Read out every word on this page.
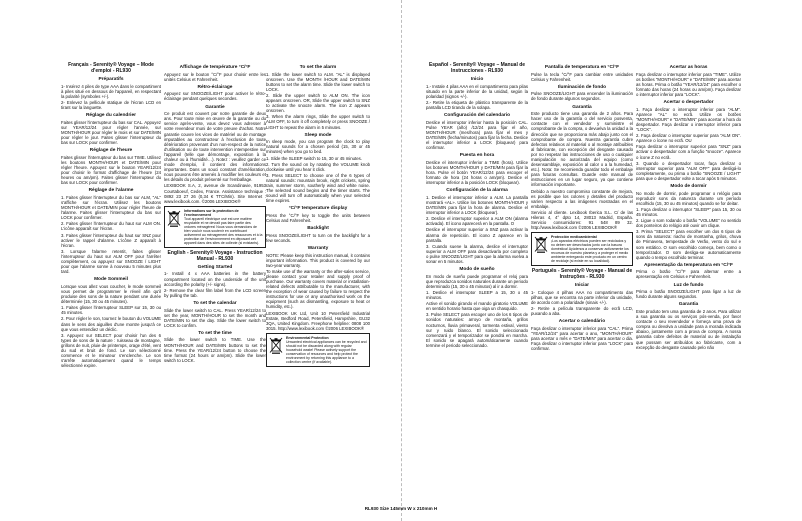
Français - Serenity® Voyage – Mode d'emploi - RL930
Préparatifs

1- Insérez 4 piles de type AAA dans le compartiment à piles situé en dessous de l'appareil, en respectant la polarité (symboles +/-).

2- Enlevez la pellicule statique de l'écran LCD en tirant sur la languette.

Réglage du calendrier

Faites glisser l'interrupteur du bas sur CAL. Appuyez sur YEAR/12/24 pour régler l'année, sur MONTH/HOUR pour régler le mois et sur DATE/MIN pour régler le jour. Faites glisser l'interrupteur du bas sur LOCK pour confirmer.

Réglage de l'heure

Faites glisser l'interrupteur du bas sur TIME. Utilisez les boutons MONTH/HOUR et DATE/MIN pour régler l'heure. Appuyez sur le bouton YEAR/12/24 pour choisir le format d'affichage de l'heure (24 heures ou am/pm). Faites glisser l'interrupteur du bas sur LOCK pour confirmer.

Réglage de l'alarme

1. Faites glisser l'interrupteur du bas sur ALM, "AL" s'affiche sur l'écran. Utilisez les boutons MONTH/HOUR et DATE/MIN pour régler l'heure de l'alarme. Faites glisser l'interrupteur du bas sur LOCK pour confirmer.

2. Faites glisser l'interrupteur du haut sur ALM ON. L'icône apparaît sur l'écran.

3. Faites glisser l'interrupteur du haut sur SNZ pour activer le rappel d'alarme. L'icône Z apparaît à l'écran.

3. Lorsque l'alarme retentit, faites glisser l'interrupteur du haut sur ALM OFF pour l'arrêter complètement, ou appuyez sur SNOOZE / LIGHT pour que l'alarme sonne à nouveau 5 minutes plus tard.

Mode Sommeil

Lorsque vous allez vous coucher, le mode sommeil vous permet de programmer le réveil afin qu'il produise des sons de la nature pendant une durée déterminée (15, 30 ou 45 minutes).

1. Faites glisser l'interrupteur SLEEP sur 15, 30 ou 45 minutes.

2. Pour régler le son, tournez le bouton du VOLUME dans le sens des aiguilles d'une montre jusqu'à ce que vous entendiez un déclic.

3. Appuyez sur SELECT pour choisir l'un des 6 types de sons de la nature : ruisseau de montagne, grillons de nuit, pluie de printemps, orage d'été, vent du sud et bruit de fond. Le son sélectionné commence et le minuteur s'enclenche. Le son s'arrête automatiquement quand le temps sélectionné expire.

Affichage de température °C/°F

Appuyez sur le bouton °C/°F pour choisir entre les unités Celsius et Fahrenheit.

Rétro-éclairage

Appuyez sur SNOOZE/LIGHT pour activer le rétro-éclairage pendant quelques secondes.

Garantie

Ce produit est couvert par notre garantie de deux ans. Pour toute mise en œuvre de la garantie ou du service après-vente, vous devez vous adresser à votre revendeur muni de votre preuve d'achat. Notre garantie couvre les vices de matériel ou de montage imputables au constructeur à l'exclusion de toute détérioration provenant d'un non-respect de la notice d'utilisation ou de toute intervention intempestive sur l'appareil (telle que démontage, exposition à la chaleur ou à l'humidité…). Notez : veuillez garder ce mode d'emploi, il contient des informations importantes. Dans un souci constant d'amélioration, nous pouvons être amenés à modifier les couleurs et les détails du produit présenté sur l'emballage.

LEXIBOOK S.A, 2, avenue de Scandinavie, 91953 Courtaboeuf, Cedex, France. Assistance technique : 0892 23 27 26 (0,34 € TTC/Min). Site Internet : www.lexibook.com. ©2006 LEXIBOOK®

Informations sur la protection de l'environnement
Tout appareil électrique usé est une matière recyclable et ne devrait pas faire partie des ordures ménagères! Nous vous demandons de bien vouloir nous soutenir en contribuant activement au ménagement des ressources et à la protection de l'environnement en déposant cet appareil dans des sites de collecte (si existants).
English - Serenity® Voyage - Instruction Manual - RL930
Getting Started

1- Install 4 x AAA batteries in the battery compartment located on the underside of the unit according the polarity (+/- signs).

2- Remove the clear film label from the LCD screen by pulling the tab.

To set the calendar

Slide the lower switch to CAL. Press YEAR/12/24 to set the year, MONTH/HOUR to set the month and DATE/MIN to set the day. Slide the lower switch to LOCK to confirm.

To set the time

Slide the lower switch to TIME. Use the MONTH/HOUR and DATE/MIN buttons to set the time. Press the YEAR/12/24 button to choose the time format (24 hours or am/pm). Slide the lower switch to LOCK.

To set the alarm

1. Slide the lower switch to ALM. "AL" is displayed onscreen. Use the MONTH /HOUR and DATE/MIN buttons to set the alarm time. Slide the lower switch to LOCK.

2. Slide the upper switch to ALM ON. The icon appears onscreen. OR, Slide the upper switch to SNZ to activate the snooze alarm. The icon Z appears onscreen.

3. When the alarm rings, Slide the upper switch to ALM OFF, to turn it off completely or press SNOOZE / LIGHT to repeat the alarm in 5 minutes.

Sleep mode

In sleep mode, you can program the clock to play natural sounds for a chosen period (15, 30 or 45 minutes) when you go to bed.

1. Slide the SLEEP switch to 15, 30 or 45 minutes.

2. Turn the sound on by rotating the VOLUME knob clockwise until you hear it click.

3. Press SELECT to choose one of the 6 types of natural sounds: mountain brook, night crickets, spring rain, summer storm, southerly wind and white noise. The selected sound begins and the timer starts. The sound will turn off automatically when your selected time expires.

°C/°F temperature display

Press the °C/°F key to toggle the units between Celsius and Fahrenheit.

Backlight

Press SNOOZE/LIGHT to turn on the backlight for a few seconds.

Warranty

NOTE: Please keep this instruction manual, it contains important information. This product is covered by our two-year warranty.

To make use of the warranty or the after-sales service, please contact your retailer and supply proof of purchase. Our warranty covers material or installation-related defects attributable to the manufacturer, with the exception of wear caused by failure to respect the instructions for use or any unauthorised work on the equipment (such as dismantling, exposure to heat or humidity, etc.).

LEXIBOOK UK Ltd, Unit 10 Petersfield Industrial Estate, Bedford Road, Petersfield, Hampshire, GU32 3QA, United Kingdom. Freephone helpline: 0808 100 3015. http://www.lexibook.com ©2006 LEXIBOOK®

Environmental Protection
Unwanted electrical appliances can be recycled and should not be discarded along with regular household waste! Please actively support the conservation of resources and help protect the environment by returning this appliance to a collection centre (if available).
Español - Serenity® Voyage – Manual de Instrucciones - RL930
Inicio

1.- Instale 4 pilas AAA en el compartimento para pilas situado en la parte inferior de la unidad, según la polaridad (signos +/-).

2.- Retire la etiqueta de plástico transparente de la pantalla LCD tirando de la solapa.

Configuración del calendario

Deslice el interruptor inferior hasta la posición CAL. Pulse YEAR (año) /12/24 para fijar el año, MONTH/HOUR (mes/hora) para fijar el mes y DATE/MIN (fecha/minutos) para fijar la fecha. Deslice el interruptor inferior a LOCK (bloquear) para confirmar.

Puesta en hora

Deslice el interruptor inferior a TIME (hora). Utilice los botones MONTH/HOUR y DATE/MIN para fijar la hora. Pulse el botón YEAR/12/24 para escoger el formato de hora (24 horas o am/pm). Deslice el interruptor inferior a la posición LOCK (bloquear).

Configuración de la alarma

1. Deslice el interruptor inferior a ALM. La pantalla mostrará «AL». Utilice los botones MONTH/HOUR y DATE/MIN para fijar la hora de alarma. Deslice el interruptor inferior a LOCK (bloquear).

2. Deslice el interruptor superior a ALM ON (alarma activada). El icono aparecerá en la pantalla. O

Deslice el interruptor superior a SNZ para activar la alarma de repetición. El icono Z aparece en la pantalla.

3. Cuando suene la alarma, deslice el interruptor superior a ALM OFF para desactivarla por completo o pulse SNOOZE/LIGHT para que la alarma vuelva a sonar en 5 minutos.

Modo de sueño

En modo de sueño puede programar el reloj para que reproduzca sonidos naturales durante un periodo determinado (15, 30 o 45 minutos) al ir a dormir.

1. Deslice el interruptor SLEEP a 15, 30 o 45 minutos.

Active el sonido girando el mando giratorio VOLUME en sentido horario hasta que oiga un chasquido.

3. Pulse SELECT para escoger uno de los 6 tipos de sonidos naturales: arroyo de montaña, grillos nocturnos, lluvia primaveral, tormenta estival, viento sur y ruido blanco. El sonido seleccionado comenzará y el temporizador se pondrá en marcha. El sonido se apagará automáticamente cuando termine el periodo seleccionado.

Pantalla de temperatura en °C/°F

Pulse la tecla °C/°F para cambiar entre unidades Celsius y Fahrenheit.

Iluminación de fondo

Pulse SNOOZE/LIGHT para encender la iluminación de fondo durante algunos segundos.

Garantía

Este producto tiene una garantía de 2 años. Para hacer uso de la garantía o del servicio posventa, contacte con el vendedor y suministre el comprobante de la compra, o devuelva la unidad a la dirección que se proporciona más abajo junto con el comprobante de compra. Nuestra garantía cubre defectos relativos al material o al montaje atribuibles al fabricante, con excepción del desgaste causado por no respetar las instrucciones de uso o cualquier manipulación no autorizada del equipo (como desensamblaje, exposición al calor o a la humedad, etc.). Nota: Se recomienda guardar todo el embalaje para futuras consultas. Guarde este manual de instrucciones en un lugar seguro, ya que contiene información importante.

Debido a nuestro compromiso constante de mejora, es posible que los colores y detalles del producto varíen respecto a las imágenes mostradas en el embalaje.

Servicio al cliente. Lexibook Iberica S.L. C/ de las Hileras 4, 4° dpto 14, 28013 Madrid, España. Servicio consumidores: 91 548 89 32. http://www.lexibook.com ©2006 LEXIBOOK®

Protección medioambiental
¡Los aparatos eléctricos pueden ser reciclados y no deben ser desechados junto con la basura doméstica! Ayúdenos a conservar activamente los recursos de nuestro planeta y a proteger el medio ambiente entregando este producto en un centro de reciclaje (si existe en su localidad).
Português - Serenity® Voyage - Manual de Instruções - RL930
Iniciar

1- Coloque 4 pilhas AAA no compartimento das pilhas, que se encontra na parte inferior da unidade, de acordo com a polaridade (sinais +/-).

2- Retire a película transparente do ecrã LCD, puxando a aba.

Acertar o calendário

Faça deslizar o interruptor inferior para "CAL". Prima "YEAR/12/24" para acertar o ano, "MONTH/HOUR" para acertar o mês e "DATE/MIN" para acertar o dia. Faça deslizar o interruptor inferior para "LOCK" para confirmar.

Acertar as horas

Faça deslizar o interruptor inferior para "TIME". Utilize os botões "MONTH/HOUR" e "DATE/MIN" para acertar as horas. Prima o botão "YEAR/12/24" para escolher o formato das horas (24 horas ou am/pm). Faça deslizar o interruptor inferior para "LOCK".

Acertar o despertador

1. Faça deslizar o interruptor inferior para "ALM". Aparece "AL" no ecrã. Utilize os botões "MONTH/HOUR" e "DATE/MIN" para acertar a hora do despertador. Faça deslizar o interruptor inferior para "LOCK".

2. Faça deslizar o interruptor superior para "ALM ON". Aparece o ícone no ecrã. OU

Faça deslizar o interruptor superior para "SNZ" para activar o despertador com a função "snooze". Aparece o ícone Z no ecrã.

3. Quando o despertador tocar, faça deslizar o interruptor superior para "ALM OFF" para desligá-lo completamente, ou prima o botão "SNOOZE / LIGHT" para que o despertador volte a tocar após 5 minutos.

Modo de dormir

No modo de dormir, pode programar o relógio para reproduzir sons da natureza durante um período escolhido (15, 30 ou 45 minutos) quando se for deitar.

1. Faça deslizar o interruptor "SLEEP" para 15, 30 ou 45 minutos.

2. Ligue o som rodando o botão "VOLUME" no sentido dos ponteiros do relógio até ouvir um clique.

3. Prima "SELECT" para escolher um dos 6 tipos de sons da natureza: riacho de montanha, grilos, chuva de Primavera, tempestade de Verão, vento do sul e som estático. O som escolhido começa, bem como o temporizador. O som desliga-se automaticamente quando o tempo escolhido terminar.

Apresentação da temperatura em °C/°F

Prima o botão °C/°F para alternar entre a apresentação em Celsius e Fahrenheit.

Luz de fundo

Prima o botão SNOOZE/LIGHT para ligar a luz de fundo durante alguns segundos.

Garantia

Este produto tem uma garantia de 2 anos. Para utilizar a sua garantia ou os serviços pós-venda, por favor contacte o seu revendedor e forneça uma prova de compra ou devolva a unidade para a morada indicada abaixo, juntamente com a prova de compra. A nossa garantia cobre defeitos de material ou de instalação que possam ser atribuídos ao fabricante, com a excepção do desgaste causado pelo não

RL930 Size 145mm W x 210mm H
